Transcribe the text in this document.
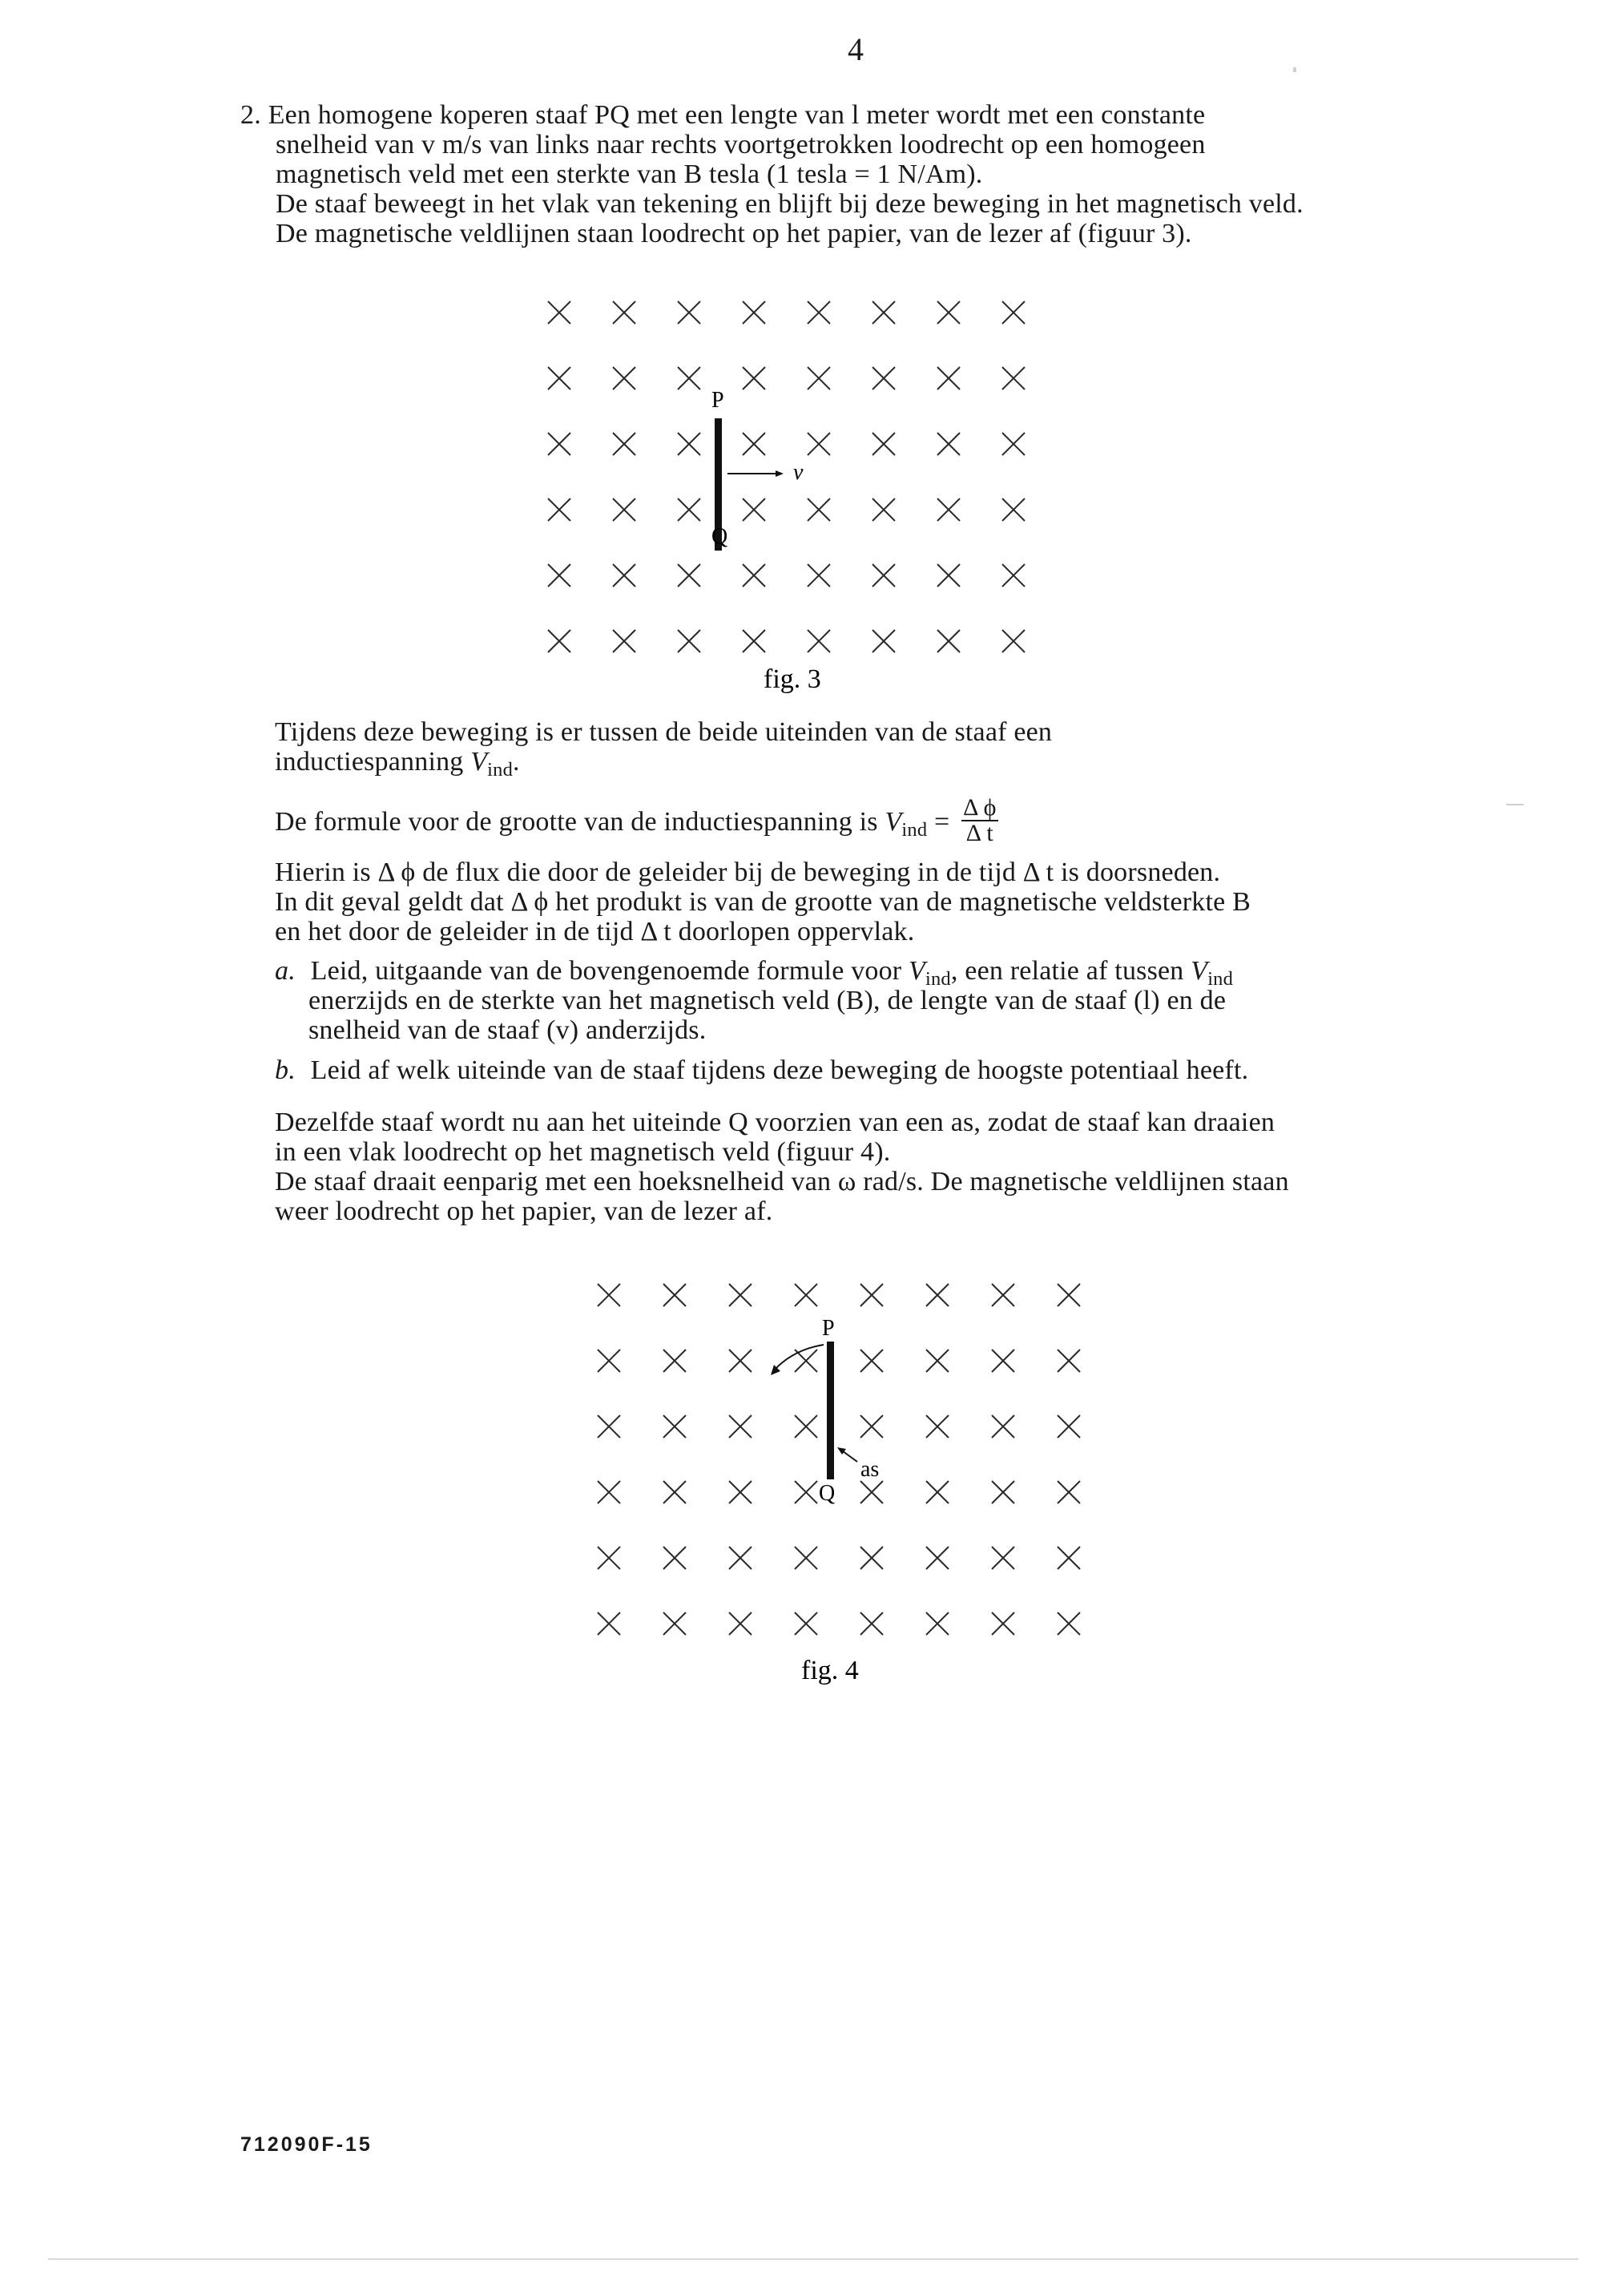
4
2. Een homogene koperen staaf PQ met een lengte van l meter wordt met een constante
snelheid van v m/s van links naar rechts voortgetrokken loodrecht op een homogeen
magnetisch veld met een sterkte van B tesla (1 tesla = 1 N/Am).
De staaf beweegt in het vlak van tekening en blijft bij deze beweging in het magnetisch veld.
De magnetische veldlijnen staan loodrecht op het papier, van de lezer af (figuur 3).
P
v
Q
fig. 3
Tijdens deze beweging is er tussen de beide uiteinden van de staaf een
inductiespanning $V_{ind}$.
De formule voor de grootte van de inductiespanning is $V_{ind} = \frac{\text{Δ ϕ}}{\text{Δ t}}$
Hierin is Δ ϕ de flux die door de geleider bij de beweging in de tijd Δ t is doorsneden.
In dit geval geldt dat Δ ϕ het produkt is van de grootte van de magnetische veldsterkte B
en het door de geleider in de tijd Δ t doorlopen oppervlak.
a. Leid, uitgaande van de bovengenoemde formule voor $V_{ind}$, een relatie af tussen $V_{ind}$
enerzijds en de sterkte van het magnetisch veld (B), de lengte van de staaf (l) en de
snelheid van de staaf (v) anderzijds.
b. Leid af welk uiteinde van de staaf tijdens deze beweging de hoogste potentiaal heeft.
Dezelfde staaf wordt nu aan het uiteinde Q voorzien van een as, zodat de staaf kan draaien
in een vlak loodrecht op het magnetisch veld (figuur 4).
De staaf draait eenparig met een hoeksnelheid van ω rad/s. De magnetische veldlijnen staan
weer loodrecht op het papier, van de lezer af.
P
Q
as
fig. 4
712090F-15
